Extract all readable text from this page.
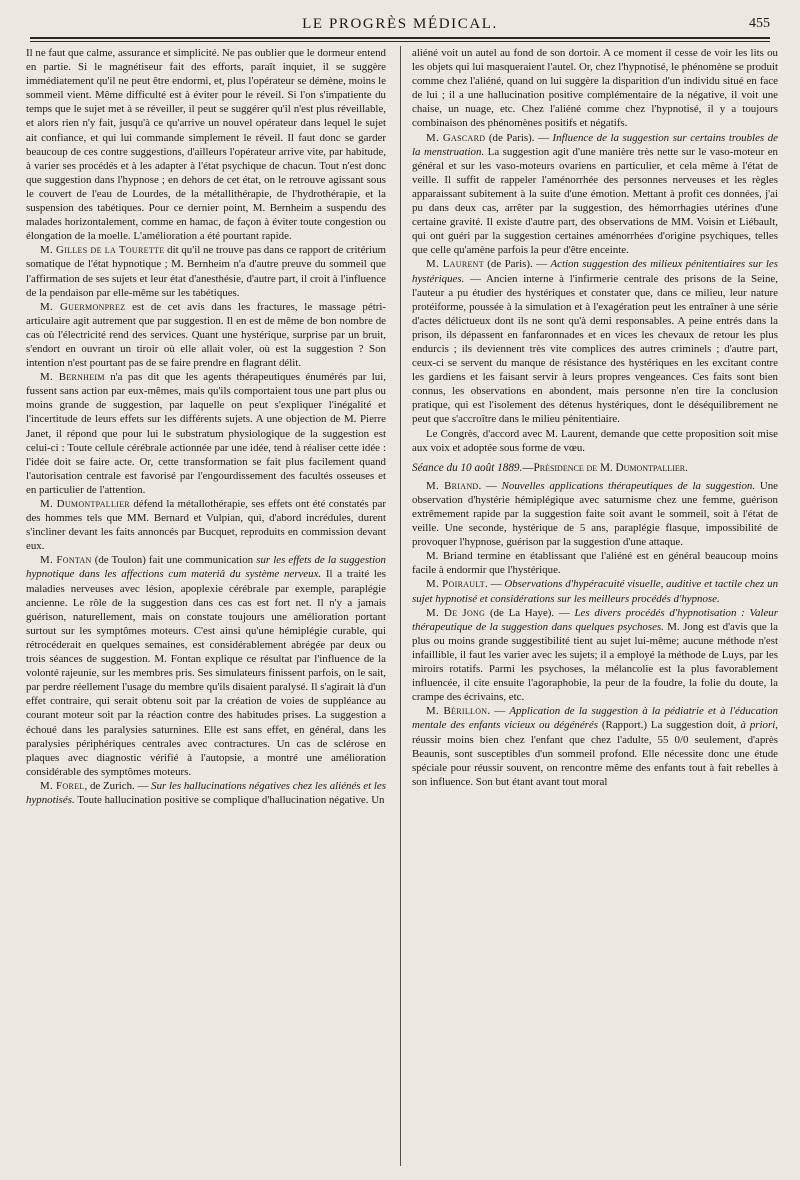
LE PROGRÈS MÉDICAL.	455

Il ne faut que calme, assurance et simplicité. Ne pas oublier que le dormeur entend en partie. Si le magnétiseur fait des efforts, paraît inquiet, il se suggère immédiatement qu'il ne peut être endormi, et, plus l'opérateur se démène, moins le sommeil vient. Même difficulté est à éviter pour le réveil. Si l'on s'impatiente du temps que le sujet met à se réveiller, il peut se suggérer qu'il n'est plus réveillable, et alors rien n'y fait, jusqu'à ce qu'arrive un nouvel opérateur dans lequel le sujet ait confiance, et qui lui commande simplement le réveil. Il faut donc se garder beaucoup de ces contre suggestions, d'ailleurs l'opérateur arrive vite, par habitude, à varier ses procédés et à les adapter à l'état psychique de chacun. Tout n'est donc que suggestion dans l'hypnose ; en dehors de cet état, on le retrouve agissant sous le couvert de l'eau de Lourdes, de la métallithérapie, de l'hydrothérapie, et la suspension des tabétiques. Pour ce dernier point, M. Bernheim a suspendu des malades horizontalement, comme en hamac, de façon à éviter toute congestion ou élongation de la moelle. L'amélioration a été pourtant rapide.

M. Gilles de la Tourette dit qu'il ne trouve pas dans ce rapport de critérium somatique de l'état hypnotique ; M. Bernheim n'a d'autre preuve du sommeil que l'affirmation de ses sujets et leur état d'anesthésie, d'autre part, il croit à l'influence de la pendaison par elle-même sur les tabétiques.

M. Guermonprez est de cet avis dans les fractures, le massage pétri-articulaire agit autrement que par suggestion. Il en est de même de bon nombre de cas où l'électricité rend des services. Quant une hystérique, surprise par un bruit, s'endort en ouvrant un tiroir où elle allait voler, où est la suggestion ? Son intention n'est pourtant pas de se faire prendre en flagrant délit.

M. Bernheim n'a pas dit que les agents thérapeutiques énumérés par lui, fussent sans action par eux-mêmes, mais qu'ils comportaient tous une part plus ou moins grande de suggestion, par laquelle on peut s'expliquer l'inégalité et l'incertitude de leurs effets sur les différents sujets. A une objection de M. Pierre Janet, il répond que pour lui le substratum physiologique de la suggestion est celui-ci : Toute cellule cérébrale actionnée par une idée, tend à réaliser cette idée : l'idée doit se faire acte. Or, cette transformation se fait plus facilement quand l'autorisation centrale est favorisé par l'engourdissement des facultés osseuses et en particulier de l'attention.

M. Dumontpallier défend la métallothérapie, ses effets ont été constatés par des hommes tels que MM. Bernard et Vulpian, qui, d'abord incrédules, durent s'incliner devant les faits annoncés par Bucquet, reproduits en commission devant eux.

M. Fontan (de Toulon) fait une communication sur les effets de la suggestion hypnotique dans les affections cum materiâ du système nerveux. Il a traité les maladies nerveuses avec lésion, apoplexie cérébrale par exemple, paraplégie ancienne. Le rôle de la suggestion dans ces cas est fort net. Il n'y a jamais guérison, naturellement, mais on constate toujours une amélioration portant surtout sur les symptômes moteurs. C'est ainsi qu'une hémiplégie curable, qui rétrocéderait en quelques semaines, est considérablement abrégée par deux ou trois séances de suggestion. M. Fontan explique ce résultat par l'influence de la volonté rajeunie, sur les membres pris. Ses simulateurs finissent parfois, on le sait, par perdre réellement l'usage du membre qu'ils disaient paralysé. Il s'agirait là d'un effet contraire, qui serait obtenu soit par la création de voies de suppléance au courant moteur soit par la réaction contre des habitudes prises. La suggestion a échoué dans les paralysies saturnines. Elle est sans effet, en général, dans les paralysies périphériques centrales avec contractures. Un cas de sclérose en plaques avec diagnostic vérifié à l'autopsie, a montré une amélioration considérable des symptômes moteurs.

M. Forel, de Zurich. — Sur les hallucinations négatives chez les aliénés et les hypnotisés. Toute hallucination positive se complique d'hallucination négative. Un

aliéné voit un autel au fond de son dortoir. A ce moment il cesse de voir les lits ou les objets qui lui masqueraient l'autel. Or, chez l'hypnotisé, le phénomène se produit comme chez l'aliéné, quand on lui suggère la disparition d'un individu situé en face de lui ; il a une hallucination positive complémentaire de la négative, il voit une chaise, un nuage, etc. Chez l'aliéné comme chez l'hypnotisé, il y a toujours combinaison des phénomènes positifs et négatifs.

M. Gascard (de Paris). — Influence de la suggestion sur certains troubles de la menstruation. La suggestion agit d'une manière très nette sur le vaso-moteur en général et sur les vaso-moteurs ovariens en particulier, et cela même à l'état de veille. Il suffit de rappeler l'aménorrhée des personnes nerveuses et les règles apparaissant subitement à la suite d'une émotion. Mettant à profit ces données, j'ai pu dans deux cas, arrêter par la suggestion, des hémorrhagies utérines d'une certaine gravité. Il existe d'autre part, des observations de MM. Voisin et Liébault, qui ont guéri par la suggestion certaines aménorrhées d'origine psychiques, telles que celle qu'amène parfois la peur d'être enceinte.

M. Laurent (de Paris). — Action suggestion des milieux pénitentiaires sur les hystériques. — Ancien interne à l'infirmerie centrale des prisons de la Seine, l'auteur a pu étudier des hystériques et constater que, dans ce milieu, leur nature protéiforme, poussée à la simulation et à l'exagération peut les entraîner à une série d'actes délictueux dont ils ne sont qu'à demi responsables. A peine entrés dans la prison, ils dépassent en fanfaronnades et en vices les chevaux de retour les plus endurcis ; ils deviennent très vite complices des autres criminels ; d'autre part, ceux-ci se servent du manque de résistance des hystériques en les excitant contre les gardiens et les faisant servir à leurs propres vengeances. Ces faits sont bien connus, les observations en abondent, mais personne n'en tire la conclusion pratique, qui est l'isolement des détenus hystériques, dont le déséquilibrement ne peut que s'accroître dans le milieu pénitentiaire.

Le Congrès, d'accord avec M. Laurent, demande que cette proposition soit mise aux voix et adoptée sous forme de vœu.

Séance du 10 août 1889.—Présidence de M. Dumontpallier.

M. Briand. — Nouvelles applications thérapeutiques de la suggestion. Une observation d'hystérie hémiplégique avec saturnisme chez une femme, guérison extrêmement rapide par la suggestion faite soit avant le sommeil, soit à l'état de veille. Une seconde, hystérique de 5 ans, paraplégie flasque, impossibilité de provoquer l'hypnose, guérison par la suggestion d'une attaque.

M. Briand termine en établissant que l'aliéné est en général beaucoup moins facile à endormir que l'hystérique.

M. Poirault. — Observations d'hypéracuité visuelle, auditive et tactile chez un sujet hypnotisé et considérations sur les meilleurs procédés d'hypnose.

M. De Jong (de La Haye). — Les divers procédés d'hypnotisation : Valeur thérapeutique de la suggestion dans quelques psychoses. M. Jong est d'avis que la plus ou moins grande suggestibilité tient au sujet lui-même; aucune méthode n'est infaillible, il faut les varier avec les sujets; il a employé la méthode de Luys, par les miroirs rotatifs. Parmi les psychoses, la mélancolie est la plus favorablement influencée, il cite ensuite l'agoraphobie, la peur de la foudre, la folie du doute, la crampe des écrivains, etc.

M. Bérillon. — Application de la suggestion à la pédiatrie et à l'éducation mentale des enfants vicieux ou dégénérés (Rapport.) La suggestion doit, à priori, réussir moins bien chez l'enfant que chez l'adulte, 55 0/0 seulement, d'après Beaunis, sont susceptibles d'un sommeil profond. Elle nécessite donc une étude spéciale pour réussir souvent, on rencontre même des enfants tout à fait rebelles à son influence. Son but étant avant tout moral
